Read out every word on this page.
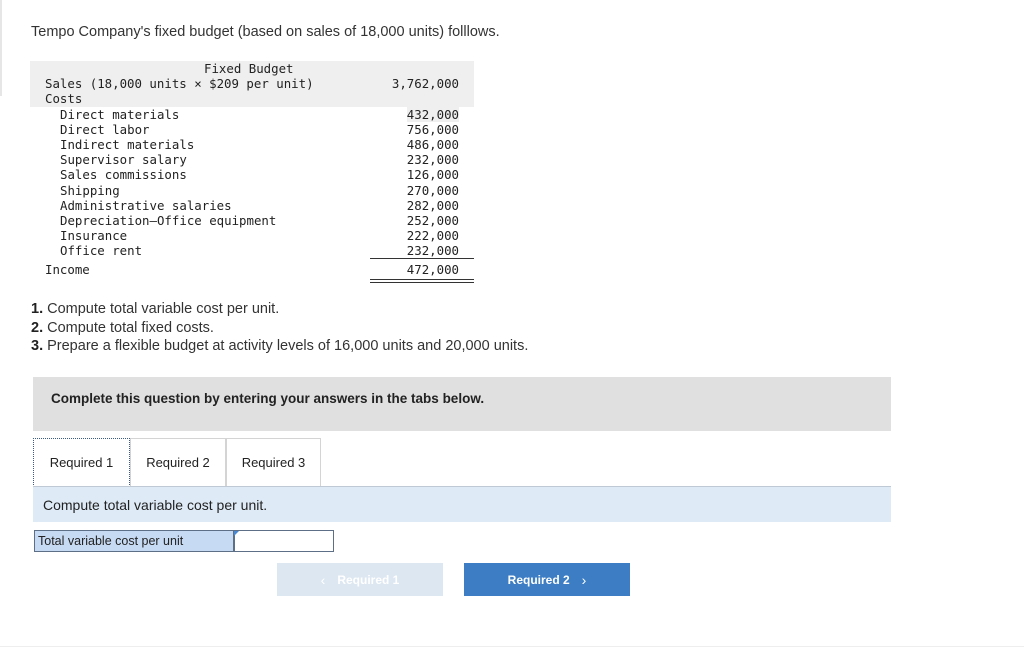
Tempo Company's fixed budget (based on sales of 18,000 units) folllows.
Fixed Budget
Sales (18,000 units × $209 per unit)	3,762,000
Costs
Direct materials	432,000
Direct labor	756,000
Indirect materials	486,000
Supervisor salary	232,000
Sales commissions	126,000
Shipping	270,000
Administrative salaries	282,000
Depreciation—Office equipment	252,000
Insurance	222,000
Office rent	232,000
Income	472,000
1. Compute total variable cost per unit.
2. Compute total fixed costs.
3. Prepare a flexible budget at activity levels of 16,000 units and 20,000 units.
Complete this question by entering your answers in the tabs below.
Required 1	Required 2 Required 3
Compute total variable cost per unit.
Total variable cost per unit
‹ Required 1	Required 2 ›
